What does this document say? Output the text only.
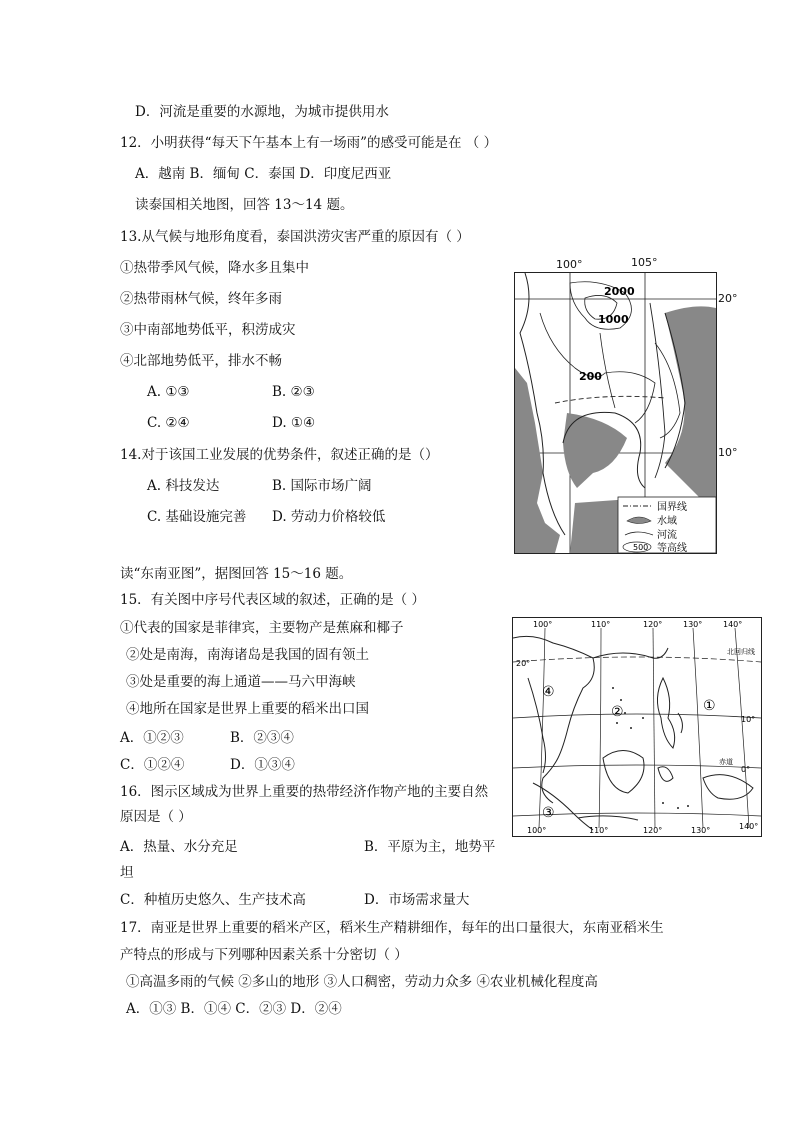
D．河流是重要的水源地，为城市提供用水
12．小明获得“每天下午基本上有一场雨”的感受可能是在 （ ）
A．越南 B．缅甸 C．泰国 D．印度尼西亚
读泰国相关地图，回答 13～14 题。
13.从气候与地形角度看，泰国洪涝灾害严重的原因有（ ）
①热带季风气候，降水多且集中
②热带雨林气候，终年多雨
③中南部地势低平，积涝成灾
④北部地势低平，排水不畅
A. ①③	B. ②③
C. ②④	D. ①④
14.对于该国工业发展的优势条件，叙述正确的是（）
A. 科技发达	B. 国际市场广阔
C. 基础设施完善 D. 劳动力价格较低
2000
1000
200
国界线
水域
河流
500 等高线
105°
100°
20°
10°
读“东南亚图”，据图回答 15～16 题。
15．有关图中序号代表区域的叙述，正确的是（ ）
①代表的国家是菲律宾，主要物产是蕉麻和椰子
②处是南海，南海诸岛是我国的固有领土
③处是重要的海上通道——马六甲海峡
④地所在国家是世界上重要的稻米出口国
A．①②③	B．②③④
C．①②④	D．①③④
16．图示区域成为世界上重要的热带经济作物产地的主要自然
原因是（ ）
A．热量、水分充足	B．平原为主，地势平
坦
C．种植历史悠久、生产技术高	D．市场需求量大
100°	110°	120°	130°	140°
100°	110°	120°	130°	140°
20°
10°
0°
北回归线
赤道
①
②
③
④
17．南亚是世界上重要的稻米产区，稻米生产精耕细作，每年的出口量很大，东南亚稻米生
产特点的形成与下列哪种因素关系十分密切（ ）
①高温多雨的气候 ②多山的地形 ③人口稠密，劳动力众多 ④农业机械化程度高
A．①③ B．①④ C．②③ D．②④
